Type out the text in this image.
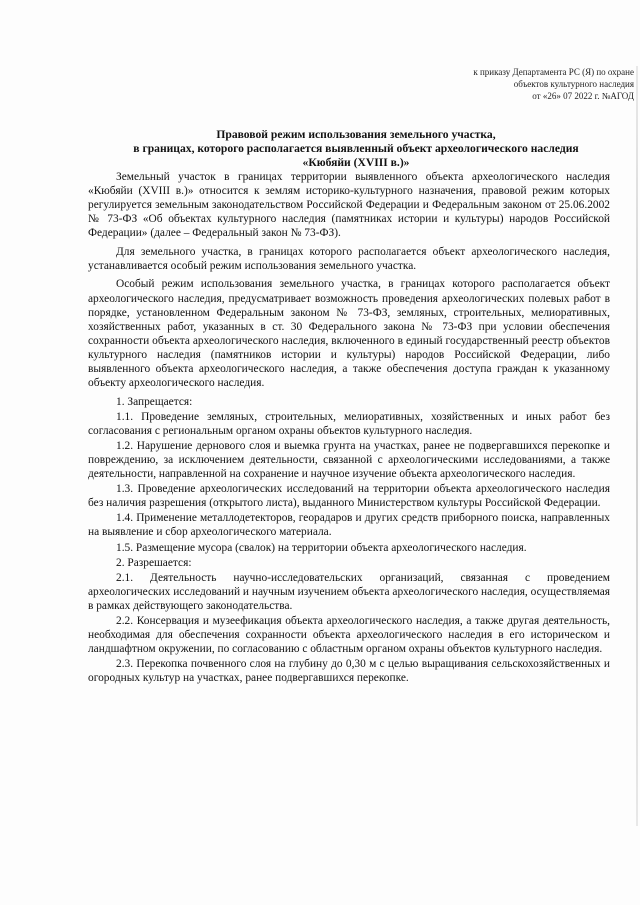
к приказу Департамента РС (Я) по охране
объектов культурного наследия
от «26» 07 2022 г. №АГОД
Правовой режим использования земельного участка,
в границах, которого располагается выявленный объект археологического наследия
«Кюбяйи (XVIII в.)»

Земельный участок в границах территории выявленного объекта археологического наследия «Кюбяйи (XVIII в.)» относится к землям историко-культурного назначения, правовой режим которых регулируется земельным законодательством Российской Федерации и Федеральным законом от 25.06.2002 № 73-ФЗ «Об объектах культурного наследия (памятниках истории и культуры) народов Российской Федерации» (далее – Федеральный закон № 73-ФЗ).

Для земельного участка, в границах которого располагается объект археологического наследия, устанавливается особый режим использования земельного участка.

Особый режим использования земельного участка, в границах которого располагается объект археологического наследия, предусматривает возможность проведения археологических полевых работ в порядке, установленном Федеральным законом № 73-ФЗ, земляных, строительных, мелиоративных, хозяйственных работ, указанных в ст. 30 Федерального закона № 73-ФЗ при условии обеспечения сохранности объекта археологического наследия, включенного в единый государственный реестр объектов культурного наследия (памятников истории и культуры) народов Российской Федерации, либо выявленного объекта археологического наследия, а также обеспечения доступа граждан к указанному объекту археологического наследия.

1. Запрещается:

1.1. Проведение земляных, строительных, мелиоративных, хозяйственных и иных работ без согласования с региональным органом охраны объектов культурного наследия.

1.2. Нарушение дернового слоя и выемка грунта на участках, ранее не подвергавшихся перекопке и повреждению, за исключением деятельности, связанной с археологическими исследованиями, а также деятельности, направленной на сохранение и научное изучение объекта археологического наследия.

1.3. Проведение археологических исследований на территории объекта археологического наследия без наличия разрешения (открытого листа), выданного Министерством культуры Российской Федерации.

1.4. Применение металлодетекторов, георадаров и других средств приборного поиска, направленных на выявление и сбор археологического материала.

1.5. Размещение мусора (свалок) на территории объекта археологического наследия.

2. Разрешается:

2.1. Деятельность научно-исследовательских организаций, связанная с проведением археологических исследований и научным изучением объекта археологического наследия, осуществляемая в рамках действующего законодательства.

2.2. Консервация и музеефикация объекта археологического наследия, а также другая деятельность, необходимая для обеспечения сохранности объекта археологического наследия в его историческом и ландшафтном окружении, по согласованию с областным органом охраны объектов культурного наследия.

2.3. Перекопка почвенного слоя на глубину до 0,30 м с целью выращивания сельскохозяйственных и огородных культур на участках, ранее подвергавшихся перекопке.
